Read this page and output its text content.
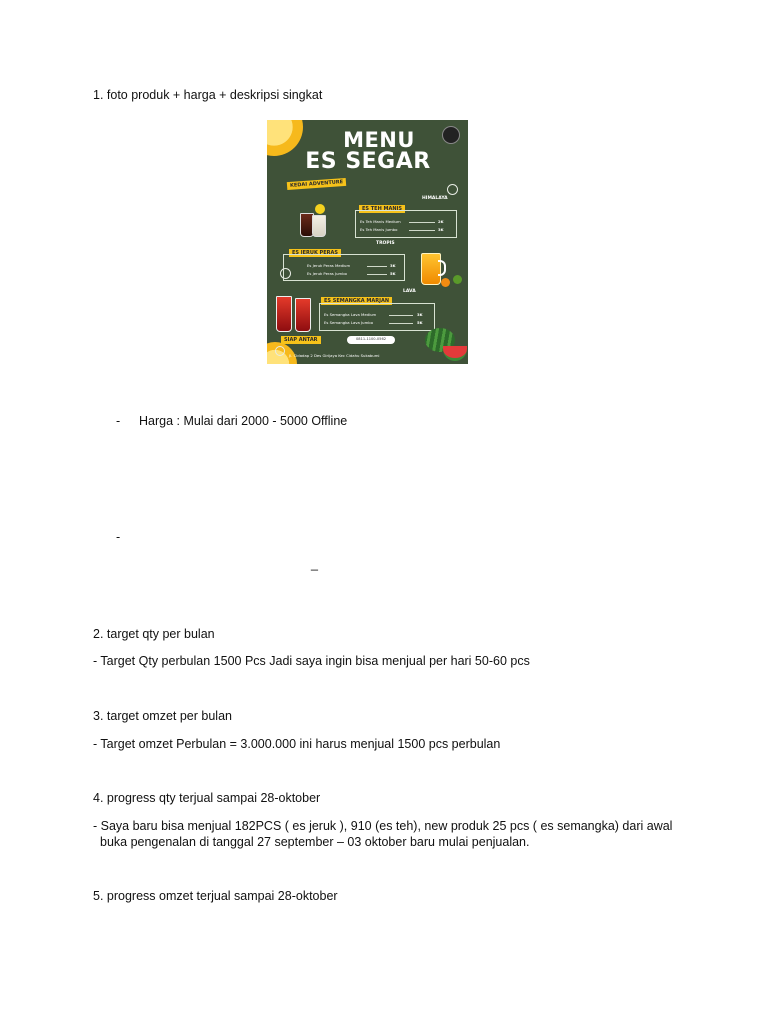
1. foto produk + harga + deskripsi singkat
MENU
ES SEGAR
KEDAI ADVENTURE
HIMALAYA
ES TEH MANIS
Es Teh Manis Medium	2K
Es Teh Manis Jumbo	3K
TROPIS
ES JERUK PERAS
Es Jeruk Peras Medium	3K
Es Jeruk Peras Jumbo	5K
LAVA
ES SEMANGKA MARJAN
Es Semangka Lava Medium	3K
Es Semangka Lava Jumbo	5K
SIAP ANTAR	0811-1100-0562
Jl. Cidadap 2 Des Girijaya Kec Cidahu Sukabumi
- Harga : Mulai dari 2000 - 5000 Offline
-
_
2. target qty per bulan
- Target Qty perbulan 1500 Pcs Jadi saya ingin bisa menjual per hari 50-60 pcs
3. target omzet per bulan
- Target omzet Perbulan = 3.000.000 ini harus menjual 1500 pcs perbulan
4. progress qty terjual sampai 28-oktober
- Saya baru bisa menjual 182PCS ( es jeruk ), 910 (es teh), new produk 25 pcs ( es semangka) dari awal
buka pengenalan di tanggal 27 september – 03 oktober baru mulai penjualan.
5. progress omzet terjual sampai 28-oktober
